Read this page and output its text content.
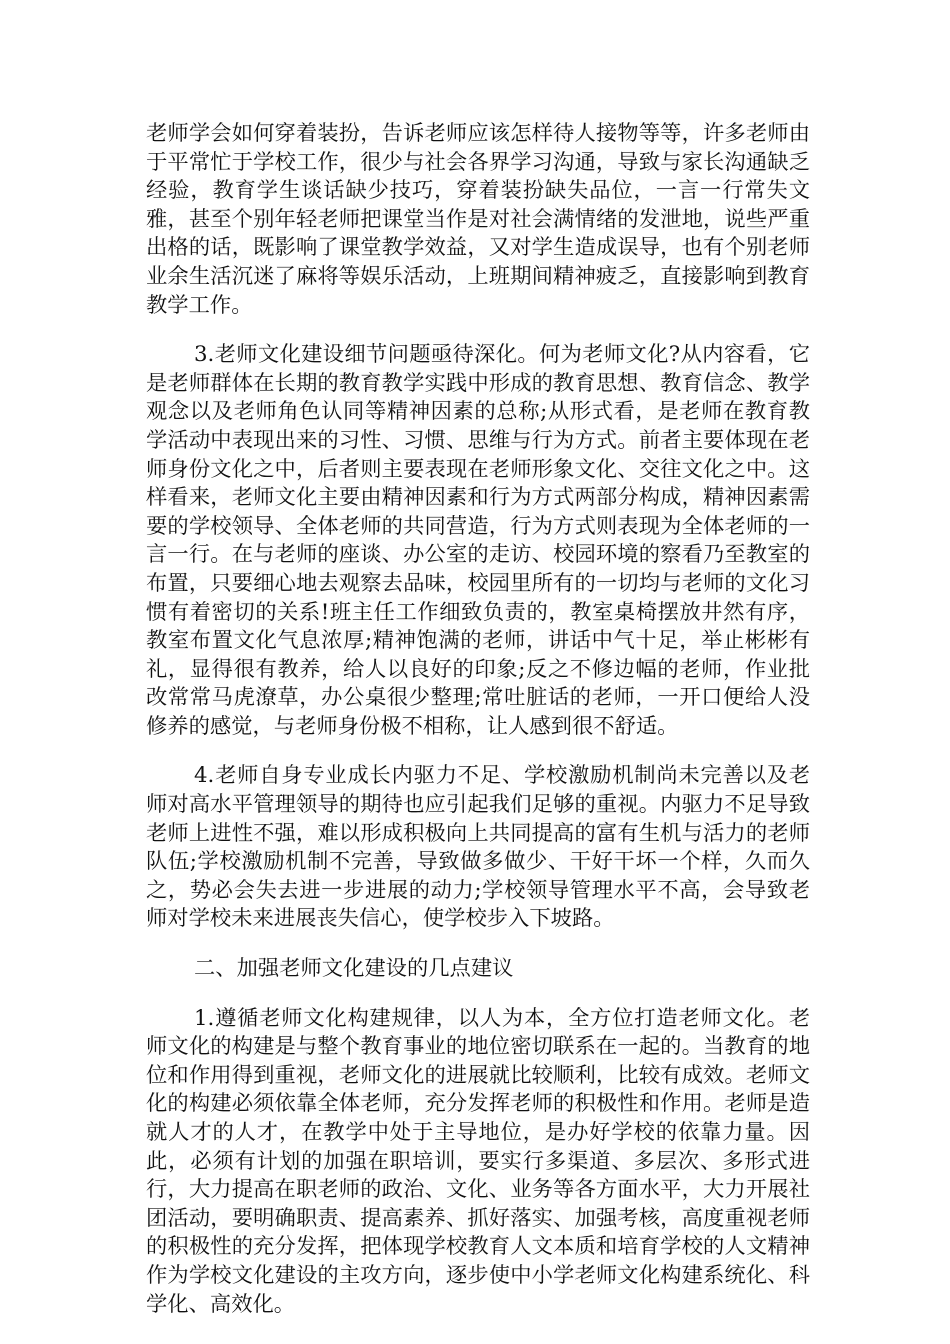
老师学会如何穿着装扮，告诉老师应该怎样待人接物等等，许多老师由于平常忙于学校工作，很少与社会各界学习沟通，导致与家长沟通缺乏经验，教育学生谈话缺少技巧，穿着装扮缺失品位，一言一行常失文雅，甚至个别年轻老师把课堂当作是对社会满情绪的发泄地，说些严重出格的话，既影响了课堂教学效益，又对学生造成误导，也有个别老师业余生活沉迷了麻将等娱乐活动，上班期间精神疲乏，直接影响到教育教学工作。

3.老师文化建设细节问题亟待深化。何为老师文化?从内容看，它是老师群体在长期的教育教学实践中形成的教育思想、教育信念、教学观念以及老师角色认同等精神因素的总称;从形式看，是老师在教育教学活动中表现出来的习性、习惯、思维与行为方式。前者主要体现在老师身份文化之中，后者则主要表现在老师形象文化、交往文化之中。这样看来，老师文化主要由精神因素和行为方式两部分构成，精神因素需要的学校领导、全体老师的共同营造，行为方式则表现为全体老师的一言一行。在与老师的座谈、办公室的走访、校园环境的察看乃至教室的布置，只要细心地去观察去品味，校园里所有的一切均与老师的文化习惯有着密切的关系!班主任工作细致负责的，教室桌椅摆放井然有序，教室布置文化气息浓厚;精神饱满的老师，讲话中气十足，举止彬彬有礼，显得很有教养，给人以良好的印象;反之不修边幅的老师，作业批改常常马虎潦草，办公桌很少整理;常吐脏话的老师，一开口便给人没修养的感觉，与老师身份极不相称，让人感到很不舒适。

4.老师自身专业成长内驱力不足、学校激励机制尚未完善以及老师对高水平管理领导的期待也应引起我们足够的重视。内驱力不足导致老师上进性不强，难以形成积极向上共同提高的富有生机与活力的老师队伍;学校激励机制不完善，导致做多做少、干好干坏一个样，久而久之，势必会失去进一步进展的动力;学校领导管理水平不高，会导致老师对学校未来进展丧失信心，使学校步入下坡路。

二、加强老师文化建设的几点建议

1.遵循老师文化构建规律，以人为本，全方位打造老师文化。老师文化的构建是与整个教育事业的地位密切联系在一起的。当教育的地位和作用得到重视，老师文化的进展就比较顺利，比较有成效。老师文化的构建必须依靠全体老师，充分发挥老师的积极性和作用。老师是造就人才的人才，在教学中处于主导地位，是办好学校的依靠力量。因此，必须有计划的加强在职培训，要实行多渠道、多层次、多形式进行，大力提高在职老师的政治、文化、业务等各方面水平，大力开展社团活动，要明确职责、提高素养、抓好落实、加强考核，高度重视老师的积极性的充分发挥，把体现学校教育人文本质和培育学校的人文精神作为学校文化建设的主攻方向，逐步使中小学老师文化构建系统化、科学化、高效化。
